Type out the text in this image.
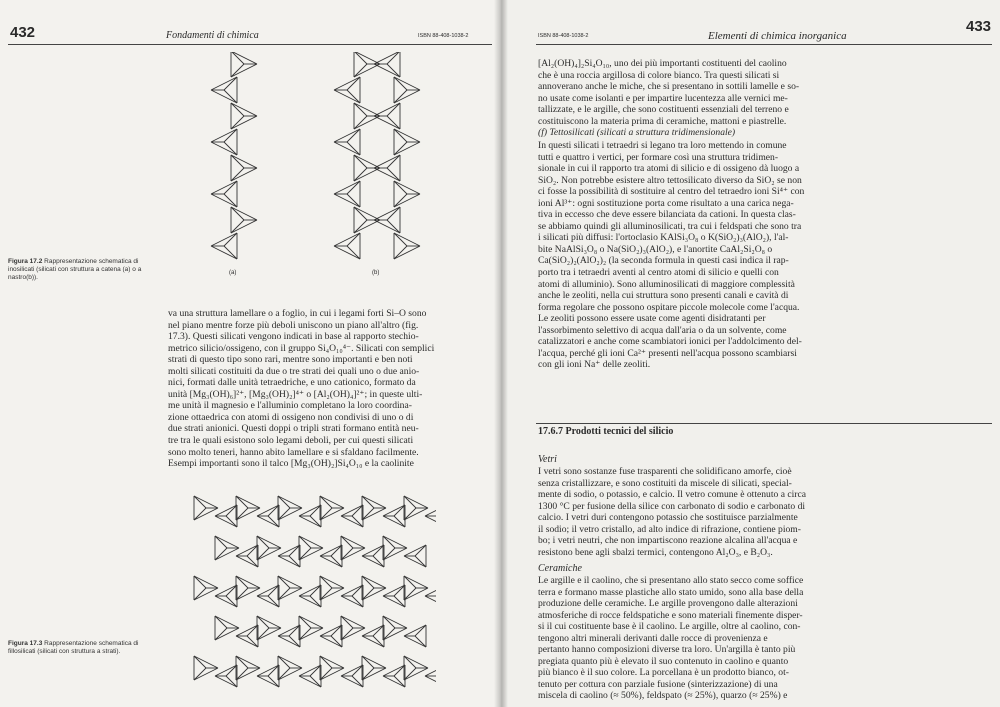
432	Fondamenti di chimica	ISBN 88-408-1038-2
(a)	(b)
Figura 17.2 Rappresentazione schematica di inosilicati (silicati con struttura a catena (a) o a nastro(b)).

va una struttura lamellare o a foglio, in cui i legami forti Si–O sono

nel piano mentre forze più deboli uniscono un piano all'altro (fig.

17.3). Questi silicati vengono indicati in base al rapporto stechio-

metrico silicio/ossigeno, con il gruppo Si₄O₁₀⁴⁻. Silicati con semplici

strati di questo tipo sono rari, mentre sono importanti e ben noti

molti silicati costituiti da due o tre strati dei quali uno o due anio-

nici, formati dalle unità tetraedriche, e uno cationico, formato da

unità [Mg₃(OH)₆]²⁺, [Mg₃(OH)₂]⁴⁺ o [Al₂(OH)₄]²⁺; in queste ulti-

me unità il magnesio e l'alluminio completano la loro coordina-

zione ottaedrica con atomi di ossigeno non condivisi di uno o di

due strati anionici. Questi doppi o tripli strati formano entità neu-

tre tra le quali esistono solo legami deboli, per cui questi silicati

sono molto teneri, hanno abito lamellare e si sfaldano facilmente.

Esempi importanti sono il talco [Mg₃(OH)₂]Si₄O₁₀ e la caolinite

Figura 17.3 Rappresentazione schematica di fillosilicati (silicati con struttura a strati).
ISBN 88-408-1038-2	Elementi di chimica inorganica
433

[Al₂(OH)₄]₂Si₄O₁₀, uno dei più importanti costituenti del caolino

che è una roccia argillosa di colore bianco. Tra questi silicati si

annoverano anche le miche, che si presentano in sottili lamelle e so-

no usate come isolanti e per impartire lucentezza alle vernici me-

tallizzate, e le argille, che sono costituenti essenziali del terreno e

costituiscono la materia prima di ceramiche, mattoni e piastrelle.

(f) Tettosilicati (silicati a struttura tridimensionale)

In questi silicati i tetraedri si legano tra loro mettendo in comune

tutti e quattro i vertici, per formare così una struttura tridimen-

sionale in cui il rapporto tra atomi di silicio e di ossigeno dà luogo a

SiO₂. Non potrebbe esistere altro tettosilicato diverso da SiO₂ se non

ci fosse la possibilità di sostituire al centro del tetraedro ioni Si⁴⁺ con

ioni Al³⁺: ogni sostituzione porta come risultato a una carica nega-

tiva in eccesso che deve essere bilanciata da cationi. In questa clas-

se abbiamo quindi gli alluminosilicati, tra cui i feldspati che sono tra

i silicati più diffusi: l'ortoclasio KAlSi₃O₈ o K(SiO₂)₃(AlO₂), l'al-

bite NaAlSi₃O₈ o Na(SiO₂)₃(AlO₂), e l'anortite CaAl₂Si₂O₈ o

Ca(SiO₂)₂(AlO₂)₂ (la seconda formula in questi casi indica il rap-

porto tra i tetraedri aventi al centro atomi di silicio e quelli con

atomi di alluminio). Sono alluminosilicati di maggiore complessità

anche le zeoliti, nella cui struttura sono presenti canali e cavità di

forma regolare che possono ospitare piccole molecole come l'acqua.

Le zeoliti possono essere usate come agenti disidratanti per

l'assorbimento selettivo di acqua dall'aria o da un solvente, come

catalizzatori e anche come scambiatori ionici per l'addolcimento del-

l'acqua, perché gli ioni Ca²⁺ presenti nell'acqua possono scambiarsi

con gli ioni Na⁺ delle zeoliti.

17.6.7 Prodotti tecnici del silicio
Vetri

I vetri sono sostanze fuse trasparenti che solidificano amorfe, cioè

senza cristallizzare, e sono costituiti da miscele di silicati, special-

mente di sodio, o potassio, e calcio. Il vetro comune è ottenuto a circa

1300 °C per fusione della silice con carbonato di sodio e carbonato di

calcio. I vetri duri contengono potassio che sostituisce parzialmente

il sodio; il vetro cristallo, ad alto indice di rifrazione, contiene piom-

bo; i vetri neutri, che non impartiscono reazione alcalina all'acqua e

resistono bene agli sbalzi termici, contengono Al₂O₃, e B₂O₃.

Ceramiche

Le argille e il caolino, che si presentano allo stato secco come soffice

terra e formano masse plastiche allo stato umido, sono alla base della

produzione delle ceramiche. Le argille provengono dalle alterazioni

atmosferiche di rocce feldspatiche e sono materiali finemente disper-

si il cui costituente base è il caolino. Le argille, oltre al caolino, con-

tengono altri minerali derivanti dalle rocce di provenienza e

pertanto hanno composizioni diverse tra loro. Un'argilla è tanto più

pregiata quanto più è elevato il suo contenuto in caolino e quanto

più bianco è il suo colore. La porcellana è un prodotto bianco, ot-

tenuto per cottura con parziale fusione (sinterizzazione) di una

miscela di caolino (≈ 50%), feldspato (≈ 25%), quarzo (≈ 25%) e
